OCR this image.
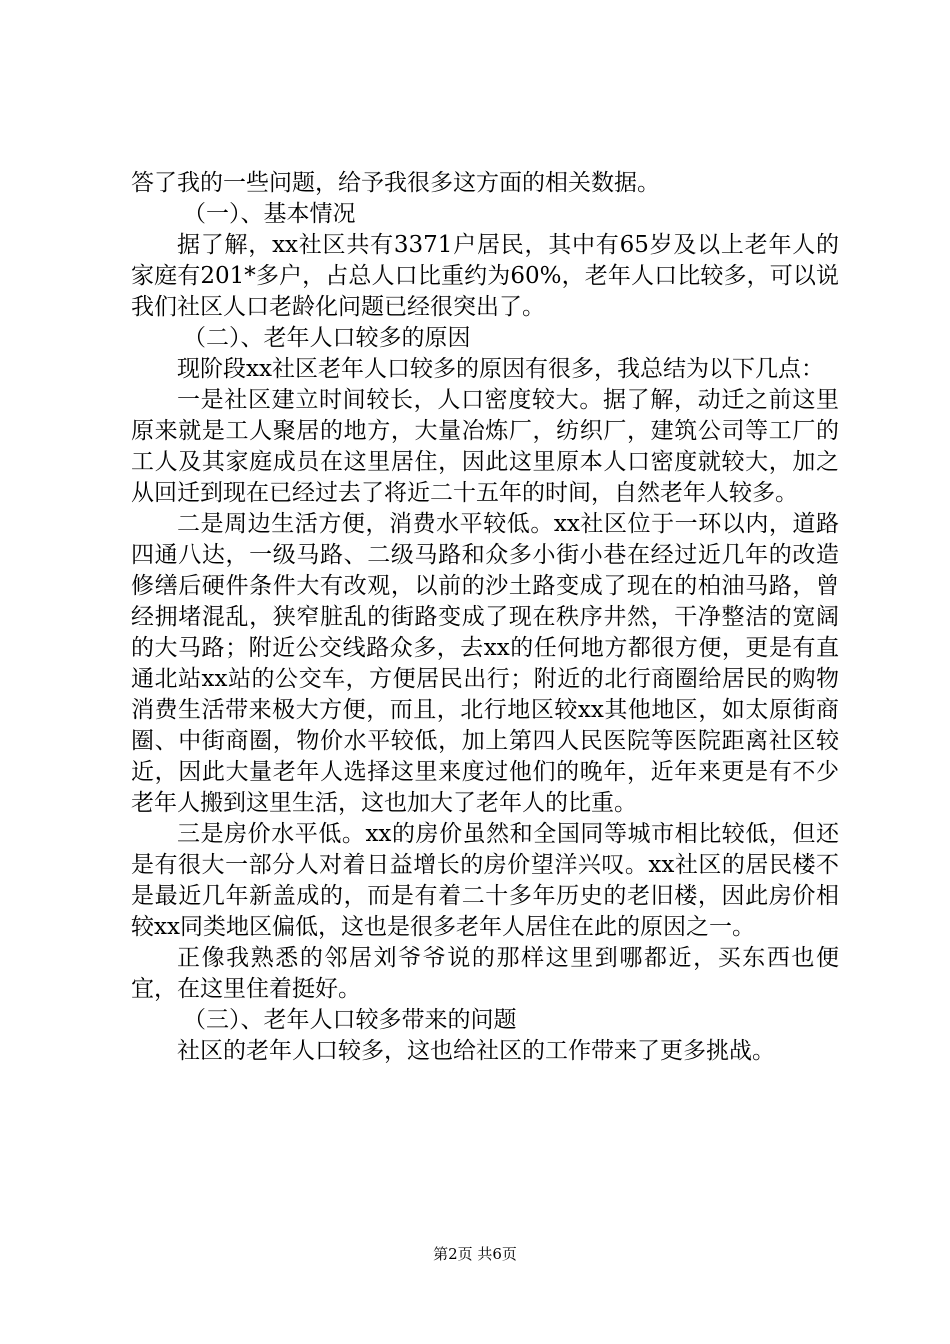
答了我的一些问题，给予我很多这方面的相关数据。

（一）、基本情况

据了解，xx社区共有3371户居民，其中有65岁及以上老年人的家庭有201*多户，占总人口比重约为60%，老年人口比较多，可以说我们社区人口老龄化问题已经很突出了。

（二）、老年人口较多的原因

现阶段xx社区老年人口较多的原因有很多，我总结为以下几点：

一是社区建立时间较长，人口密度较大。据了解，动迁之前这里原来就是工人聚居的地方，大量冶炼厂，纺织厂，建筑公司等工厂的工人及其家庭成员在这里居住，因此这里原本人口密度就较大，加之从回迁到现在已经过去了将近二十五年的时间，自然老年人较多。

二是周边生活方便，消费水平较低。xx社区位于一环以内，道路四通八达，一级马路、二级马路和众多小街小巷在经过近几年的改造修缮后硬件条件大有改观，以前的沙土路变成了现在的柏油马路，曾经拥堵混乱，狭窄脏乱的街路变成了现在秩序井然，干净整洁的宽阔的大马路；附近公交线路众多，去xx的任何地方都很方便，更是有直通北站xx站的公交车，方便居民出行；附近的北行商圈给居民的购物消费生活带来极大方便，而且，北行地区较xx其他地区，如太原街商圈、中街商圈，物价水平较低，加上第四人民医院等医院距离社区较近，因此大量老年人选择这里来度过他们的晚年，近年来更是有不少老年人搬到这里生活，这也加大了老年人的比重。

三是房价水平低。xx的房价虽然和全国同等城市相比较低，但还是有很大一部分人对着日益增长的房价望洋兴叹。xx社区的居民楼不是最近几年新盖成的，而是有着二十多年历史的老旧楼，因此房价相较xx同类地区偏低，这也是很多老年人居住在此的原因之一。

正像我熟悉的邻居刘爷爷说的那样这里到哪都近，买东西也便宜，在这里住着挺好。

（三）、老年人口较多带来的问题

社区的老年人口较多，这也给社区的工作带来了更多挑战。

第2页 共6页
